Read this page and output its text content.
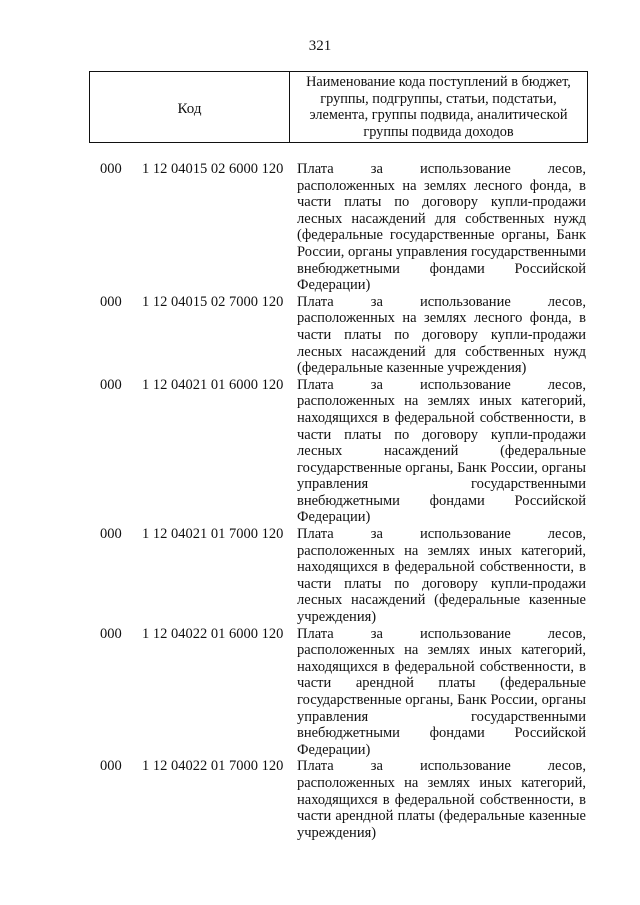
321
Код
Наименование кода поступлений в бюджет, группы, подгруппы, статьи, подстатьи, элемента, группы подвида, аналитической группы подвида доходов
000 1 12 04015 02 6000 120 Плата за использование лесов, расположенных на землях лесного фонда, в части платы по договору купли-продажи лесных насаждений для собственных нужд (федеральные государственные органы, Банк России, органы управления государственными внебюджетными фондами Российской Федерации)
000 1 12 04015 02 7000 120 Плата за использование лесов, расположенных на землях лесного фонда, в части платы по договору купли-продажи лесных насаждений для собственных нужд (федеральные казенные учреждения)
000 1 12 04021 01 6000 120 Плата за использование лесов, расположенных на землях иных категорий, находящихся в федеральной собственности, в части платы по договору купли-продажи лесных насаждений (федеральные государственные органы, Банк России, органы управления государственными внебюджетными фондами Российской Федерации)
000 1 12 04021 01 7000 120 Плата за использование лесов, расположенных на землях иных категорий, находящихся в федеральной собственности, в части платы по договору купли-продажи лесных насаждений (федеральные казенные учреждения)
000 1 12 04022 01 6000 120 Плата за использование лесов, расположенных на землях иных категорий, находящихся в федеральной собственности, в части арендной платы (федеральные государственные органы, Банк России, органы управления государственными внебюджетными фондами Российской Федерации)
000 1 12 04022 01 7000 120 Плата за использование лесов, расположенных на землях иных категорий, находящихся в федеральной собственности, в части арендной платы (федеральные казенные учреждения)
